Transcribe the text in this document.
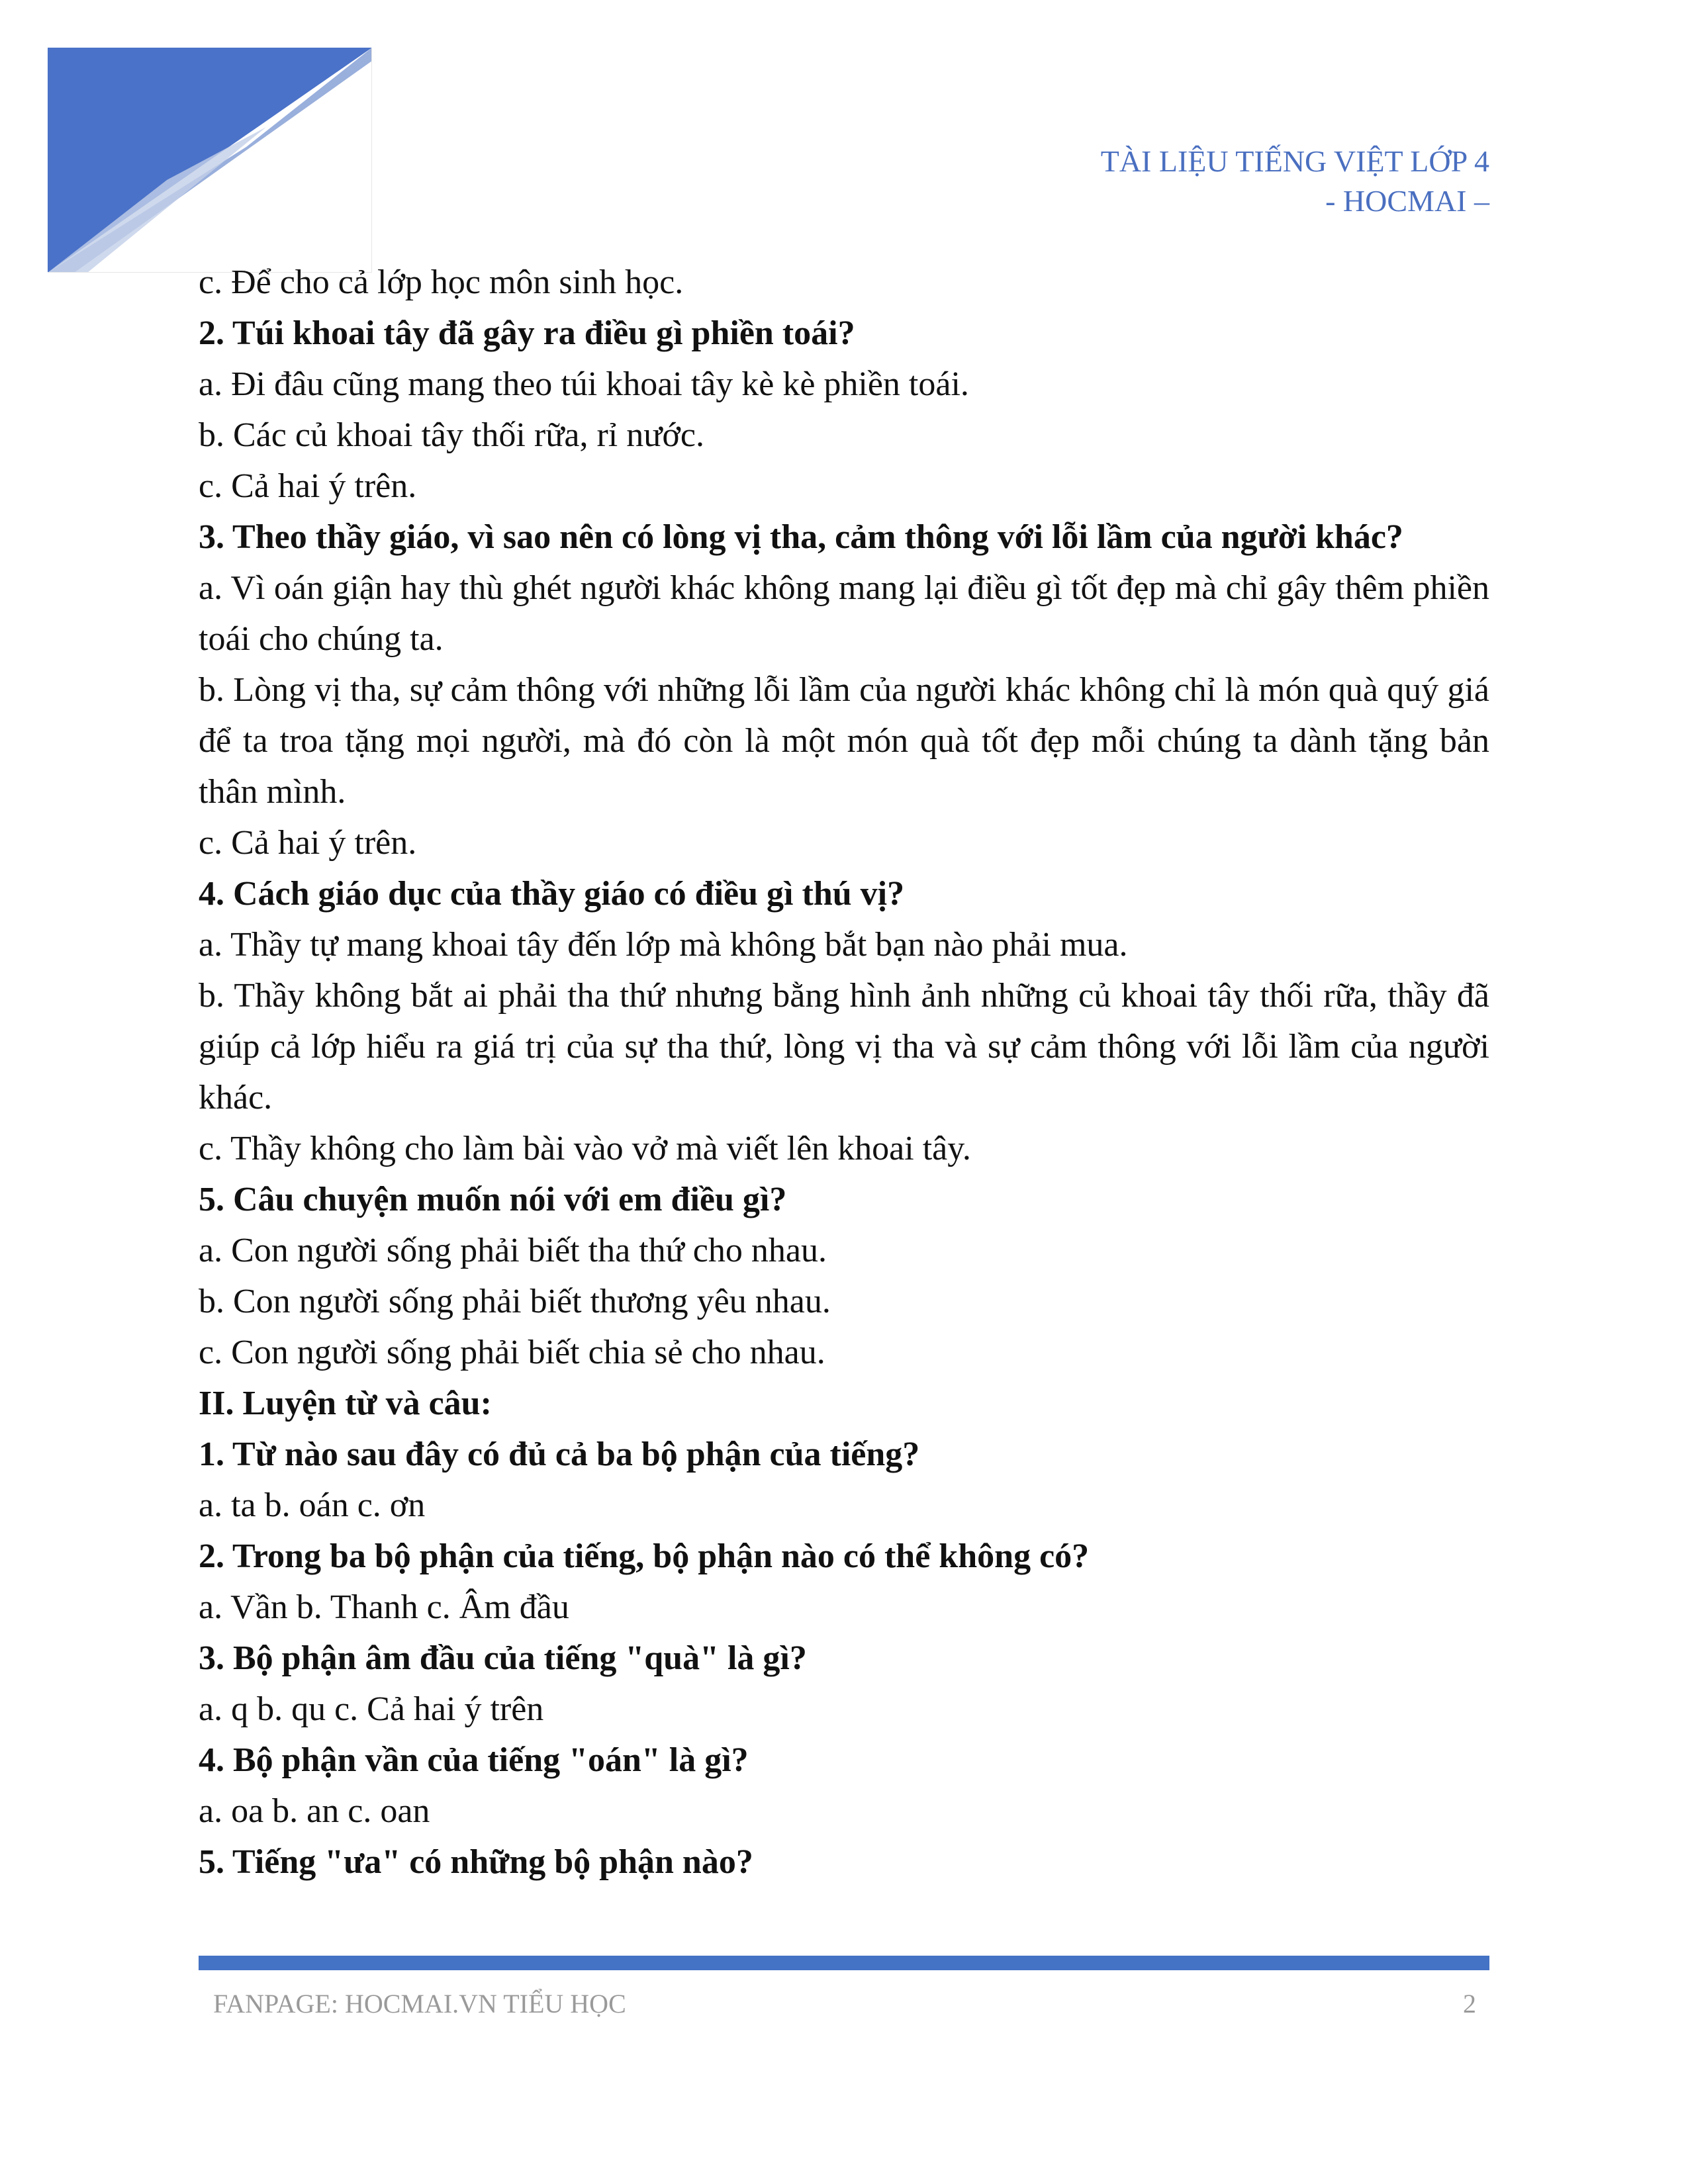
TÀI LIỆU TIẾNG VIỆT LỚP 4
- HOCMAI –

c. Để cho cả lớp học môn sinh học.

2. Túi khoai tây đã gây ra điều gì phiền toái?

a. Đi đâu cũng mang theo túi khoai tây kè kè phiền toái.

b. Các củ khoai tây thối rữa, rỉ nước.

c. Cả hai ý trên.

3. Theo thầy giáo, vì sao nên có lòng vị tha, cảm thông với lỗi lầm của người khác?

a. Vì oán giận hay thù ghét người khác không mang lại điều gì tốt đẹp mà chỉ gây thêm phiền toái cho chúng ta.

b. Lòng vị tha, sự cảm thông với những lỗi lầm của người khác không chỉ là món quà quý giá để ta troa tặng mọi người, mà đó còn là một món quà tốt đẹp mỗi chúng ta dành tặng bản thân mình.

c. Cả hai ý trên.

4. Cách giáo dục của thầy giáo có điều gì thú vị?

a. Thầy tự mang khoai tây đến lớp mà không bắt bạn nào phải mua.

b. Thầy không bắt ai phải tha thứ nhưng bằng hình ảnh những củ khoai tây thối rữa, thầy đã giúp cả lớp hiểu ra giá trị của sự tha thứ, lòng vị tha và sự cảm thông với lỗi lầm của người khác.

c. Thầy không cho làm bài vào vở mà viết lên khoai tây.

5. Câu chuyện muốn nói với em điều gì?

a. Con người sống phải biết tha thứ cho nhau.

b. Con người sống phải biết thương yêu nhau.

c. Con người sống phải biết chia sẻ cho nhau.

II. Luyện từ và câu:

1. Từ nào sau đây có đủ cả ba bộ phận của tiếng?

a. ta b. oán c. ơn

2. Trong ba bộ phận của tiếng, bộ phận nào có thể không có?

a. Vần b. Thanh c. Âm đầu

3. Bộ phận âm đầu của tiếng "quà" là gì?

a. q b. qu c. Cả hai ý trên

4. Bộ phận vần của tiếng "oán" là gì?

a. oa b. an c. oan

5. Tiếng "ưa" có những bộ phận nào?

FANPAGE: HOCMAI.VN TIỂU HỌC	2
